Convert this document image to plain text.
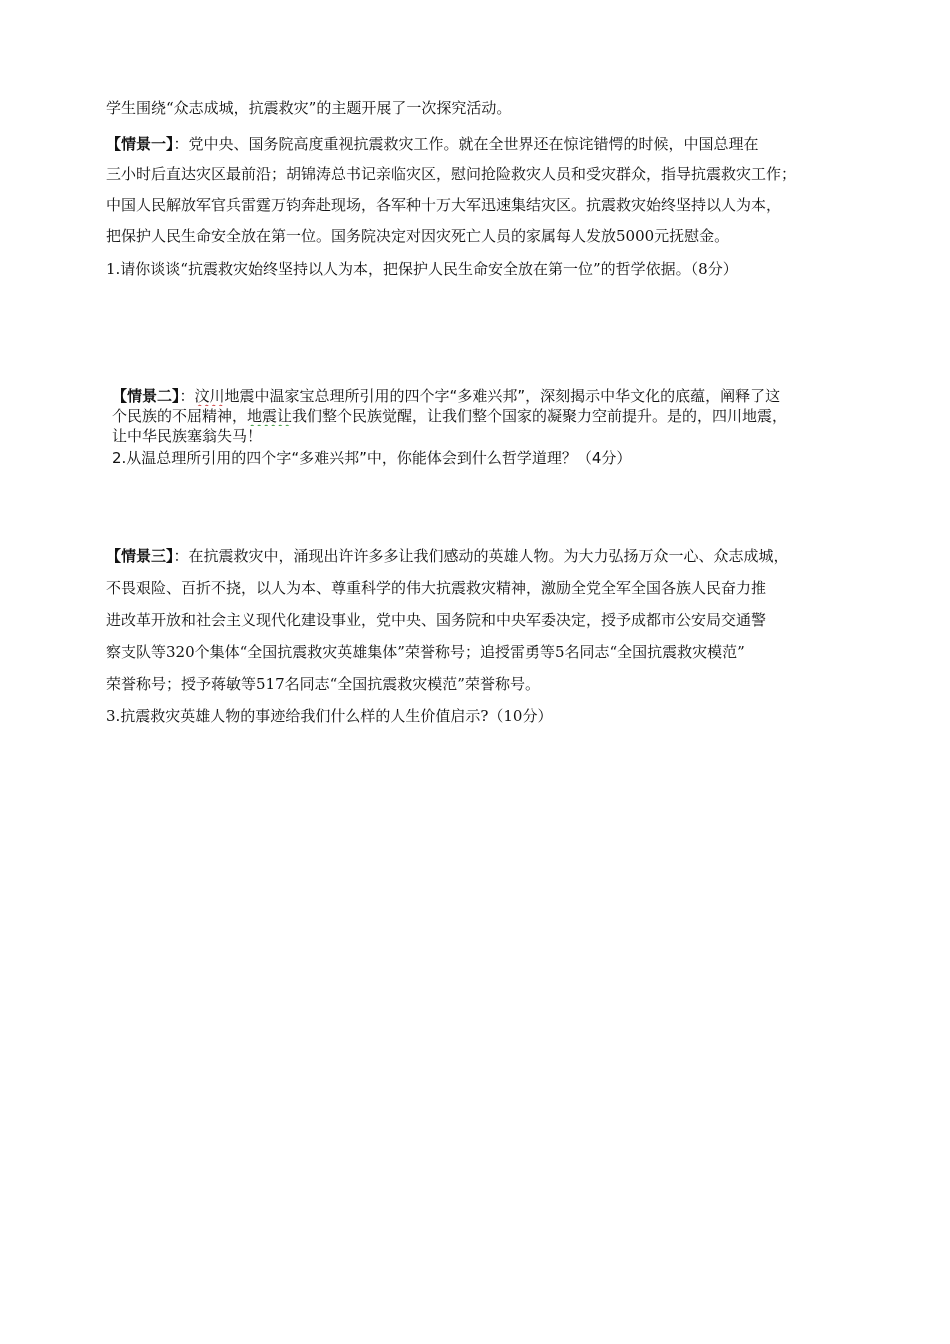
学生围绕“众志成城，抗震救灾”的主题开展了一次探究活动。
【情景一】：党中央、国务院高度重视抗震救灾工作。就在全世界还在惊诧错愕的时候，中国总理在
三小时后直达灾区最前沿；胡锦涛总书记亲临灾区，慰问抢险救灾人员和受灾群众，指导抗震救灾工作；
中国人民解放军官兵雷霆万钧奔赴现场，各军种十万大军迅速集结灾区。抗震救灾始终坚持以人为本，
把保护人民生命安全放在第一位。国务院决定对因灾死亡人员的家属每人发放5000元抚慰金。
1.请你谈谈“抗震救灾始终坚持以人为本，把保护人民生命安全放在第一位”的哲学依据。（8分）
【情景二】：汶川地震中温家宝总理所引用的四个字“多难兴邦”，深刻揭示中华文化的底蕴，阐释了这
个民族的不屈精神，地震让我们整个民族觉醒，让我们整个国家的凝聚力空前提升。是的，四川地震，
让中华民族塞翁失马！
2.从温总理所引用的四个字“多难兴邦”中，你能体会到什么哲学道理？（4分）
【情景三】：在抗震救灾中，涌现出许许多多让我们感动的英雄人物。为大力弘扬万众一心、众志成城，
不畏艰险、百折不挠，以人为本、尊重科学的伟大抗震救灾精神，激励全党全军全国各族人民奋力推
进改革开放和社会主义现代化建设事业，党中央、国务院和中央军委决定，授予成都市公安局交通警
察支队等320个集体“全国抗震救灾英雄集体”荣誉称号；追授雷勇等5名同志“全国抗震救灾模范”
荣誉称号；授予蒋敏等517名同志“全国抗震救灾模范”荣誉称号。
3.抗震救灾英雄人物的事迹给我们什么样的人生价值启示?（10分）
